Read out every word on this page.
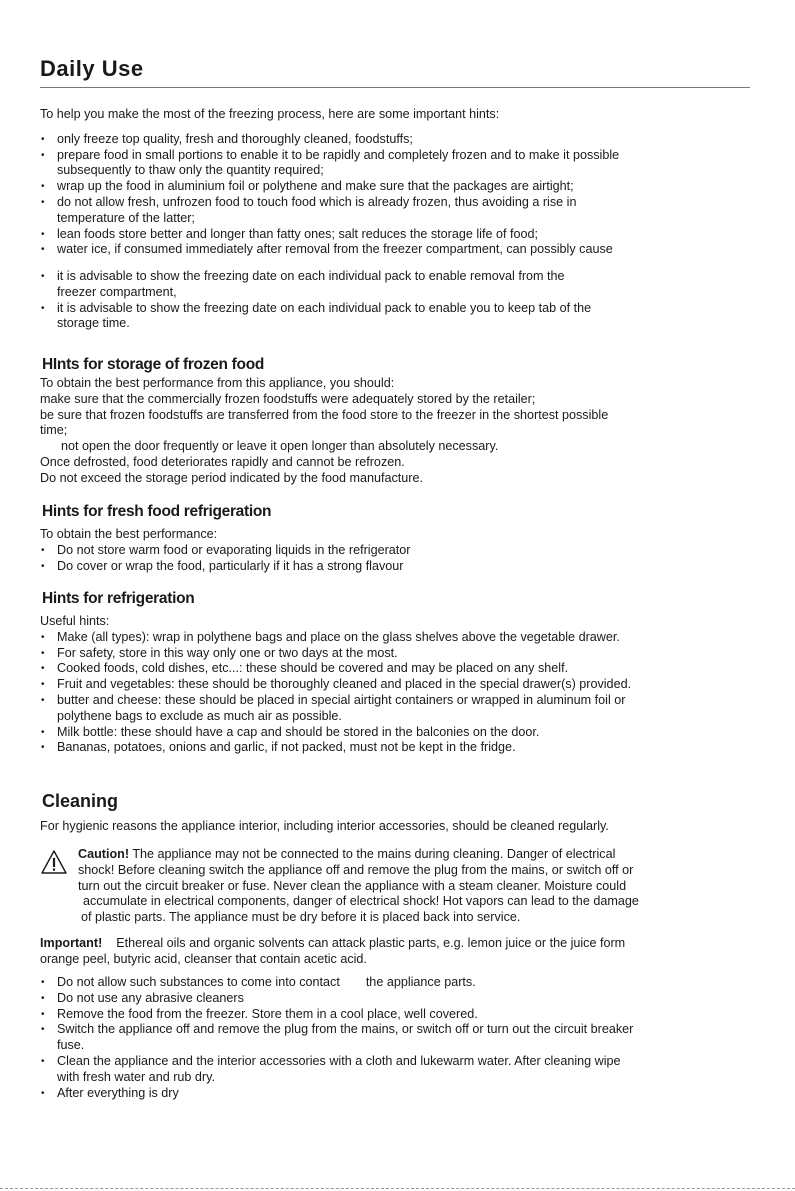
Daily Use

To help you make the most of the freezing process, here are some important hints:

• only freeze top quality, fresh and thoroughly cleaned, foodstuffs;
• prepare food in small portions to enable it to be rapidly and completely frozen and to make it possible
subsequently to thaw only the quantity required;
• wrap up the food in aluminium foil or polythene and make sure that the packages are airtight;
• do not allow fresh, unfrozen food to touch food which is already frozen, thus avoiding a rise in
temperature of the latter;
• lean foods store better and longer than fatty ones; salt reduces the storage life of food;
• water ice, if consumed immediately after removal from the freezer compartment, can possibly cause
• it is advisable to show the freezing date on each individual pack to enable removal from the
freezer compartment,
• it is advisable to show the freezing date on each individual pack to enable you to keep tab of the
storage time.
HInts for storage of frozen food

To obtain the best performance from this appliance, you should:

make sure that the commercially frozen foodstuffs were adequately stored by the retailer;

be sure that frozen foodstuffs are transferred from the food store to the freezer in the shortest possible

time;

not open the door frequently or leave it open longer than absolutely necessary.

Once defrosted, food deteriorates rapidly and cannot be refrozen.

Do not exceed the storage period indicated by the food manufacture.

Hints for fresh food refrigeration

To obtain the best performance:

• Do not store warm food or evaporating liquids in the refrigerator
• Do cover or wrap the food, particularly if it has a strong flavour
Hints for refrigeration

Useful hints:

• Make (all types): wrap in polythene bags and place on the glass shelves above the vegetable drawer.
• For safety, store in this way only one or two days at the most.
• Cooked foods, cold dishes, etc...: these should be covered and may be placed on any shelf.
• Fruit and vegetables: these should be thoroughly cleaned and placed in the special drawer(s) provided.
• butter and cheese: these should be placed in special airtight containers or wrapped in aluminum foil or
polythene bags to exclude as much air as possible.
• Milk bottle: these should have a cap and should be stored in the balconies on the door.
• Bananas, potatoes, onions and garlic, if not packed, must not be kept in the fridge.
Cleaning

For hygienic reasons the appliance interior, including interior accessories, should be cleaned regularly.

Caution! The appliance may not be connected to the mains during cleaning. Danger of electrical
shock! Before cleaning switch the appliance off and remove the plug from the mains, or switch off or
turn out the circuit breaker or fuse. Never clean the appliance with a steam cleaner. Moisture could
accumulate in electrical components, danger of electrical shock! Hot vapors can lead to the damage
of plastic parts. The appliance must be dry before it is placed back into service.

Important! Ethereal oils and organic solvents can attack plastic parts, e.g. lemon juice or the juice form

orange peel, butyric acid, cleanser that contain acetic acid.

• Do not allow such substances to come into contact the appliance parts.
• Do not use any abrasive cleaners
• Remove the food from the freezer. Store them in a cool place, well covered.
• Switch the appliance off and remove the plug from the mains, or switch off or turn out the circuit breaker
fuse.
• Clean the appliance and the interior accessories with a cloth and lukewarm water. After cleaning wipe
with fresh water and rub dry.
• After everything is dry
